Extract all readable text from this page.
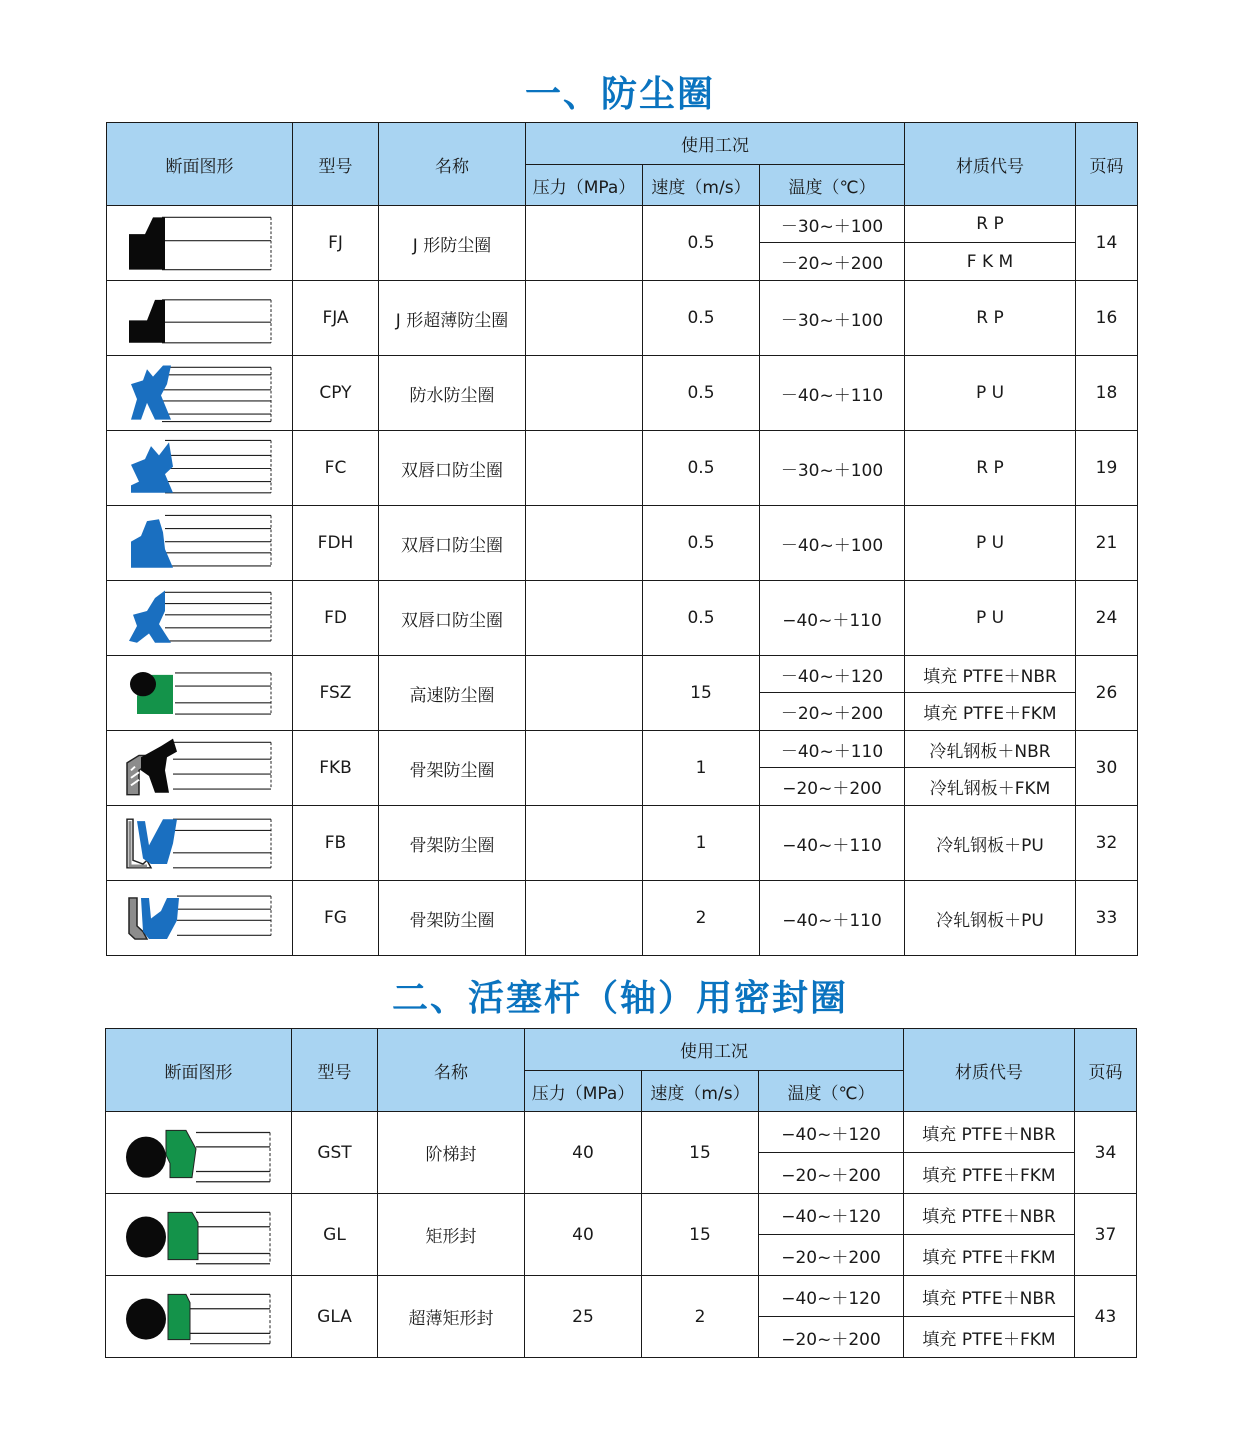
一、防尘圈
断面图形	型号	名称	使用工况			材质代号	页码
			压力（MPa）	速度（m/s）	温度（℃）		

	FJ	J 形防尘圈		0.5	－30~＋100	R P	14
					－20~＋200	F K M	

	FJA	J 形超薄防尘圈		0.5	－30~＋100	R P	16

	CPY	防水防尘圈		0.5	－40~＋110	P U	18

	FC	双唇口防尘圈		0.5	－30~＋100	R P	19

	FDH	双唇口防尘圈		0.5	－40~＋100	P U	21

	FD	双唇口防尘圈		0.5	−40~＋110	P U	24

	FSZ	高速防尘圈		15	－40~＋120	填充 PTFE＋NBR	26
					－20~＋200	填充 PTFE＋FKM	

	FKB	骨架防尘圈		1	－40~＋110	冷轧钢板＋NBR	30
					−20~＋200	冷轧钢板＋FKM	

	FB	骨架防尘圈		1	−40~＋110	冷轧钢板＋PU	32

	FG	骨架防尘圈		2	−40~＋110	冷轧钢板＋PU	33
二、活塞杆（轴）用密封圈
断面图形	型号	名称	使用工况			材质代号	页码
			压力（MPa）	速度（m/s）	温度（℃）		

	GST	阶梯封	40	15	−40~＋120	填充 PTFE＋NBR	34
					−20~＋200	填充 PTFE＋FKM	

	GL	矩形封	40	15	−40~＋120	填充 PTFE＋NBR	37
					−20~＋200	填充 PTFE＋FKM	

	GLA	超薄矩形封	25	2	−40~＋120	填充 PTFE＋NBR	43
					−20~＋200	填充 PTFE＋FKM	
